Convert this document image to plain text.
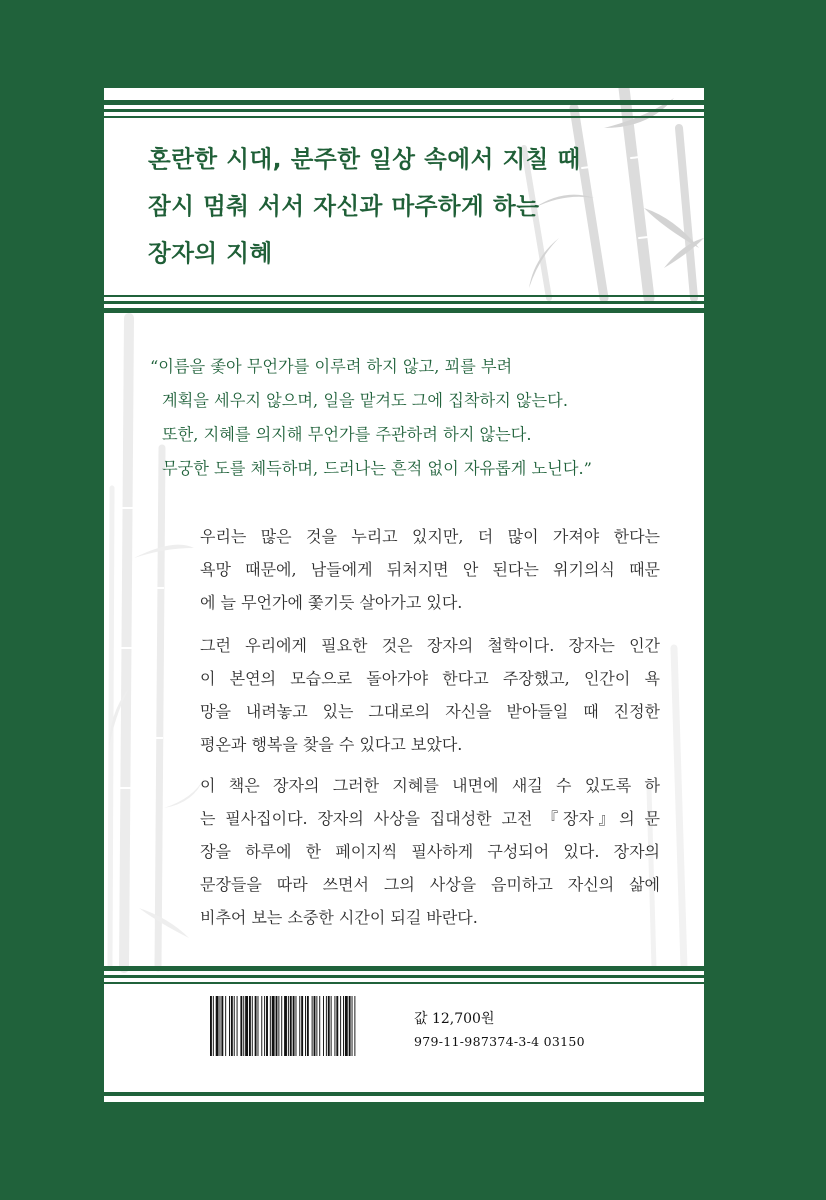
혼란한 시대, 분주한 일상 속에서 지칠 때
잠시 멈춰 서서 자신과 마주하게 하는
장자의 지혜
“이름을 좇아 무언가를 이루려 하지 않고, 꾀를 부려
계획을 세우지 않으며, 일을 맡겨도 그에 집착하지 않는다.
또한, 지혜를 의지해 무언가를 주관하려 하지 않는다.
무궁한 도를 체득하며, 드러나는 흔적 없이 자유롭게 노닌다.”
우리는 많은 것을 누리고 있지만, 더 많이 가져야 한다는
욕망 때문에, 남들에게 뒤처지면 안 된다는 위기의식 때문
에 늘 무언가에 쫓기듯 살아가고 있다.
그런 우리에게 필요한 것은 장자의 철학이다. 장자는 인간
이 본연의 모습으로 돌아가야 한다고 주장했고, 인간이 욕
망을 내려놓고 있는 그대로의 자신을 받아들일 때 진정한
평온과 행복을 찾을 수 있다고 보았다.
이 책은 장자의 그러한 지혜를 내면에 새길 수 있도록 하
는 필사집이다. 장자의 사상을 집대성한 고전 『장자』의 문
장을 하루에 한 페이지씩 필사하게 구성되어 있다. 장자의
문장들을 따라 쓰면서 그의 사상을 음미하고 자신의 삶에
비추어 보는 소중한 시간이 되길 바란다.

값 12,700원

979-11-987374-3-4 03150
